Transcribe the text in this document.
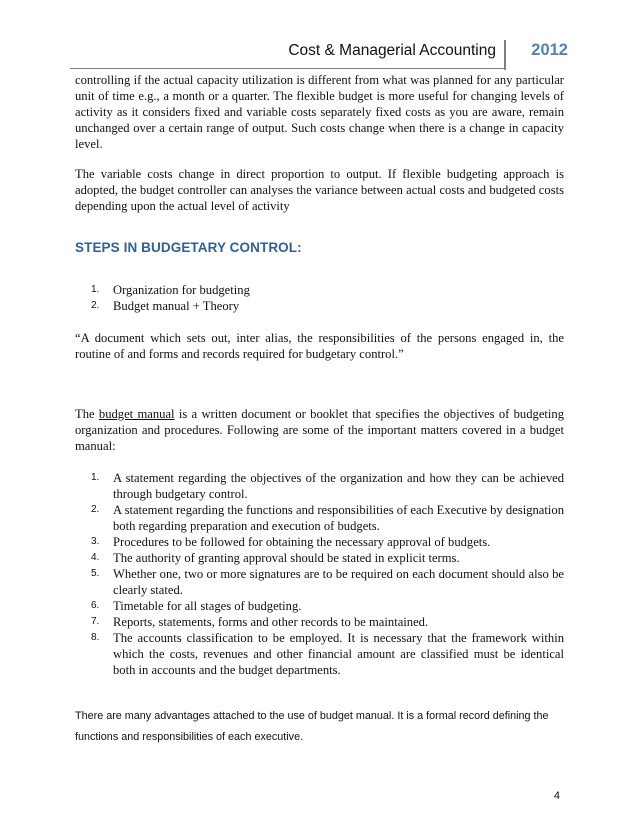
Cost & Managerial Accounting 2012

controlling if the actual capacity utilization is different from what was planned for any particular unit of time e.g., a month or a quarter. The flexible budget is more useful for changing levels of activity as it considers fixed and variable costs separately fixed costs as you are aware, remain unchanged over a certain range of output. Such costs change when there is a change in capacity level.

The variable costs change in direct proportion to output. If flexible budgeting approach is adopted, the budget controller can analyses the variance between actual costs and budgeted costs depending upon the actual level of activity

STEPS IN BUDGETARY CONTROL:
1. Organization for budgeting
2. Budget manual + Theory

“A document which sets out, inter alias, the responsibilities of the persons engaged in, the routine of and forms and records required for budgetary control.”

The budget manual is a written document or booklet that specifies the objectives of budgeting organization and procedures. Following are some of the important matters covered in a budget manual:

1. A statement regarding the objectives of the organization and how they can be achieved through budgetary control.
2. A statement regarding the functions and responsibilities of each Executive by designation both regarding preparation and execution of budgets.
3. Procedures to be followed for obtaining the necessary approval of budgets.
4. The authority of granting approval should be stated in explicit terms.
5. Whether one, two or more signatures are to be required on each document should also be clearly stated.
6. Timetable for all stages of budgeting.
7. Reports, statements, forms and other records to be maintained.
8. The accounts classification to be employed. It is necessary that the framework within which the costs, revenues and other financial amount are classified must be identical both in accounts and the budget departments.

There are many advantages attached to the use of budget manual. It is a formal record defining the functions and responsibilities of each executive.

4
